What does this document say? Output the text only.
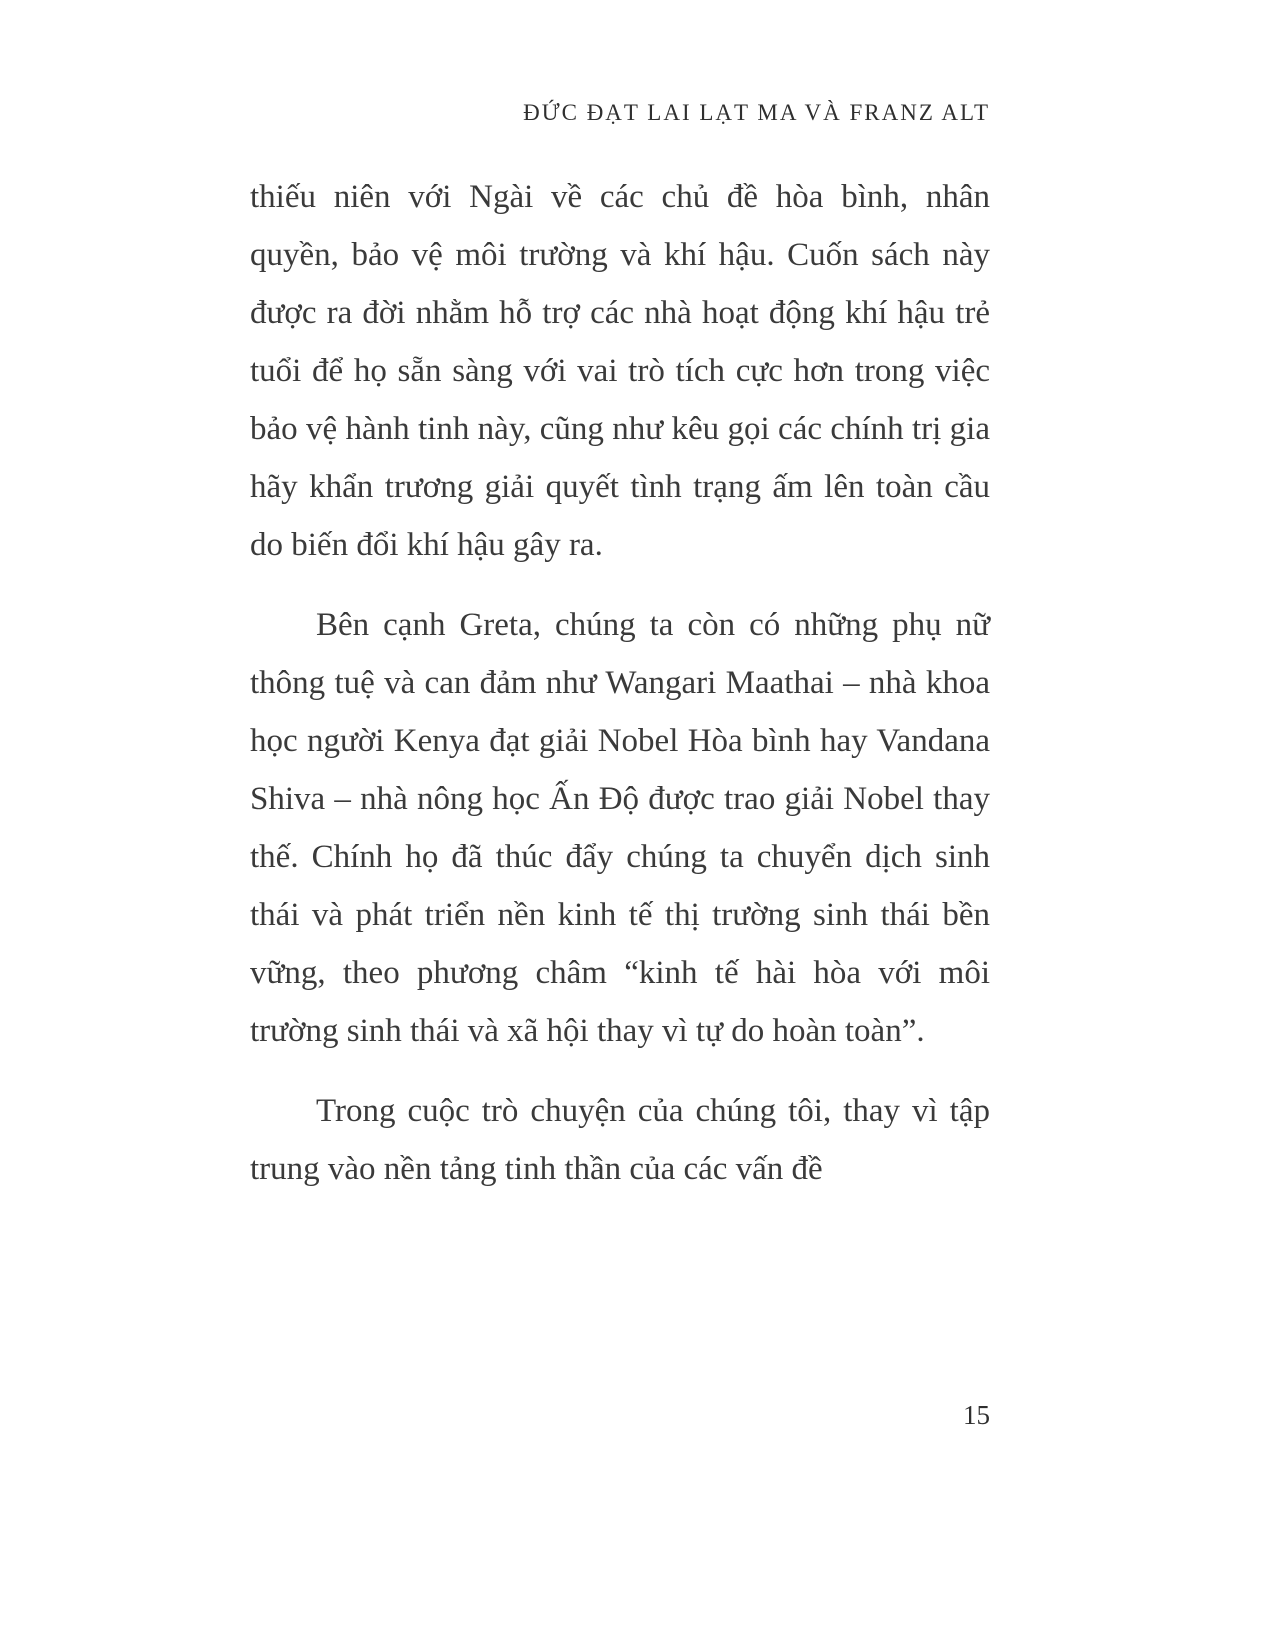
ĐỨC ĐẠT LAI LẠT MA VÀ FRANZ ALT

thiếu niên với Ngài về các chủ đề hòa bình, nhân quyền, bảo vệ môi trường và khí hậu. Cuốn sách này được ra đời nhằm hỗ trợ các nhà hoạt động khí hậu trẻ tuổi để họ sẵn sàng với vai trò tích cực hơn trong việc bảo vệ hành tinh này, cũng như kêu gọi các chính trị gia hãy khẩn trương giải quyết tình trạng ấm lên toàn cầu do biến đổi khí hậu gây ra.

Bên cạnh Greta, chúng ta còn có những phụ nữ thông tuệ và can đảm như Wangari Maathai – nhà khoa học người Kenya đạt giải Nobel Hòa bình hay Vandana Shiva – nhà nông học Ấn Độ được trao giải Nobel thay thế. Chính họ đã thúc đẩy chúng ta chuyển dịch sinh thái và phát triển nền kinh tế thị trường sinh thái bền vững, theo phương châm “kinh tế hài hòa với môi trường sinh thái và xã hội thay vì tự do hoàn toàn”.

Trong cuộc trò chuyện của chúng tôi, thay vì tập trung vào nền tảng tinh thần của các vấn đề

15
